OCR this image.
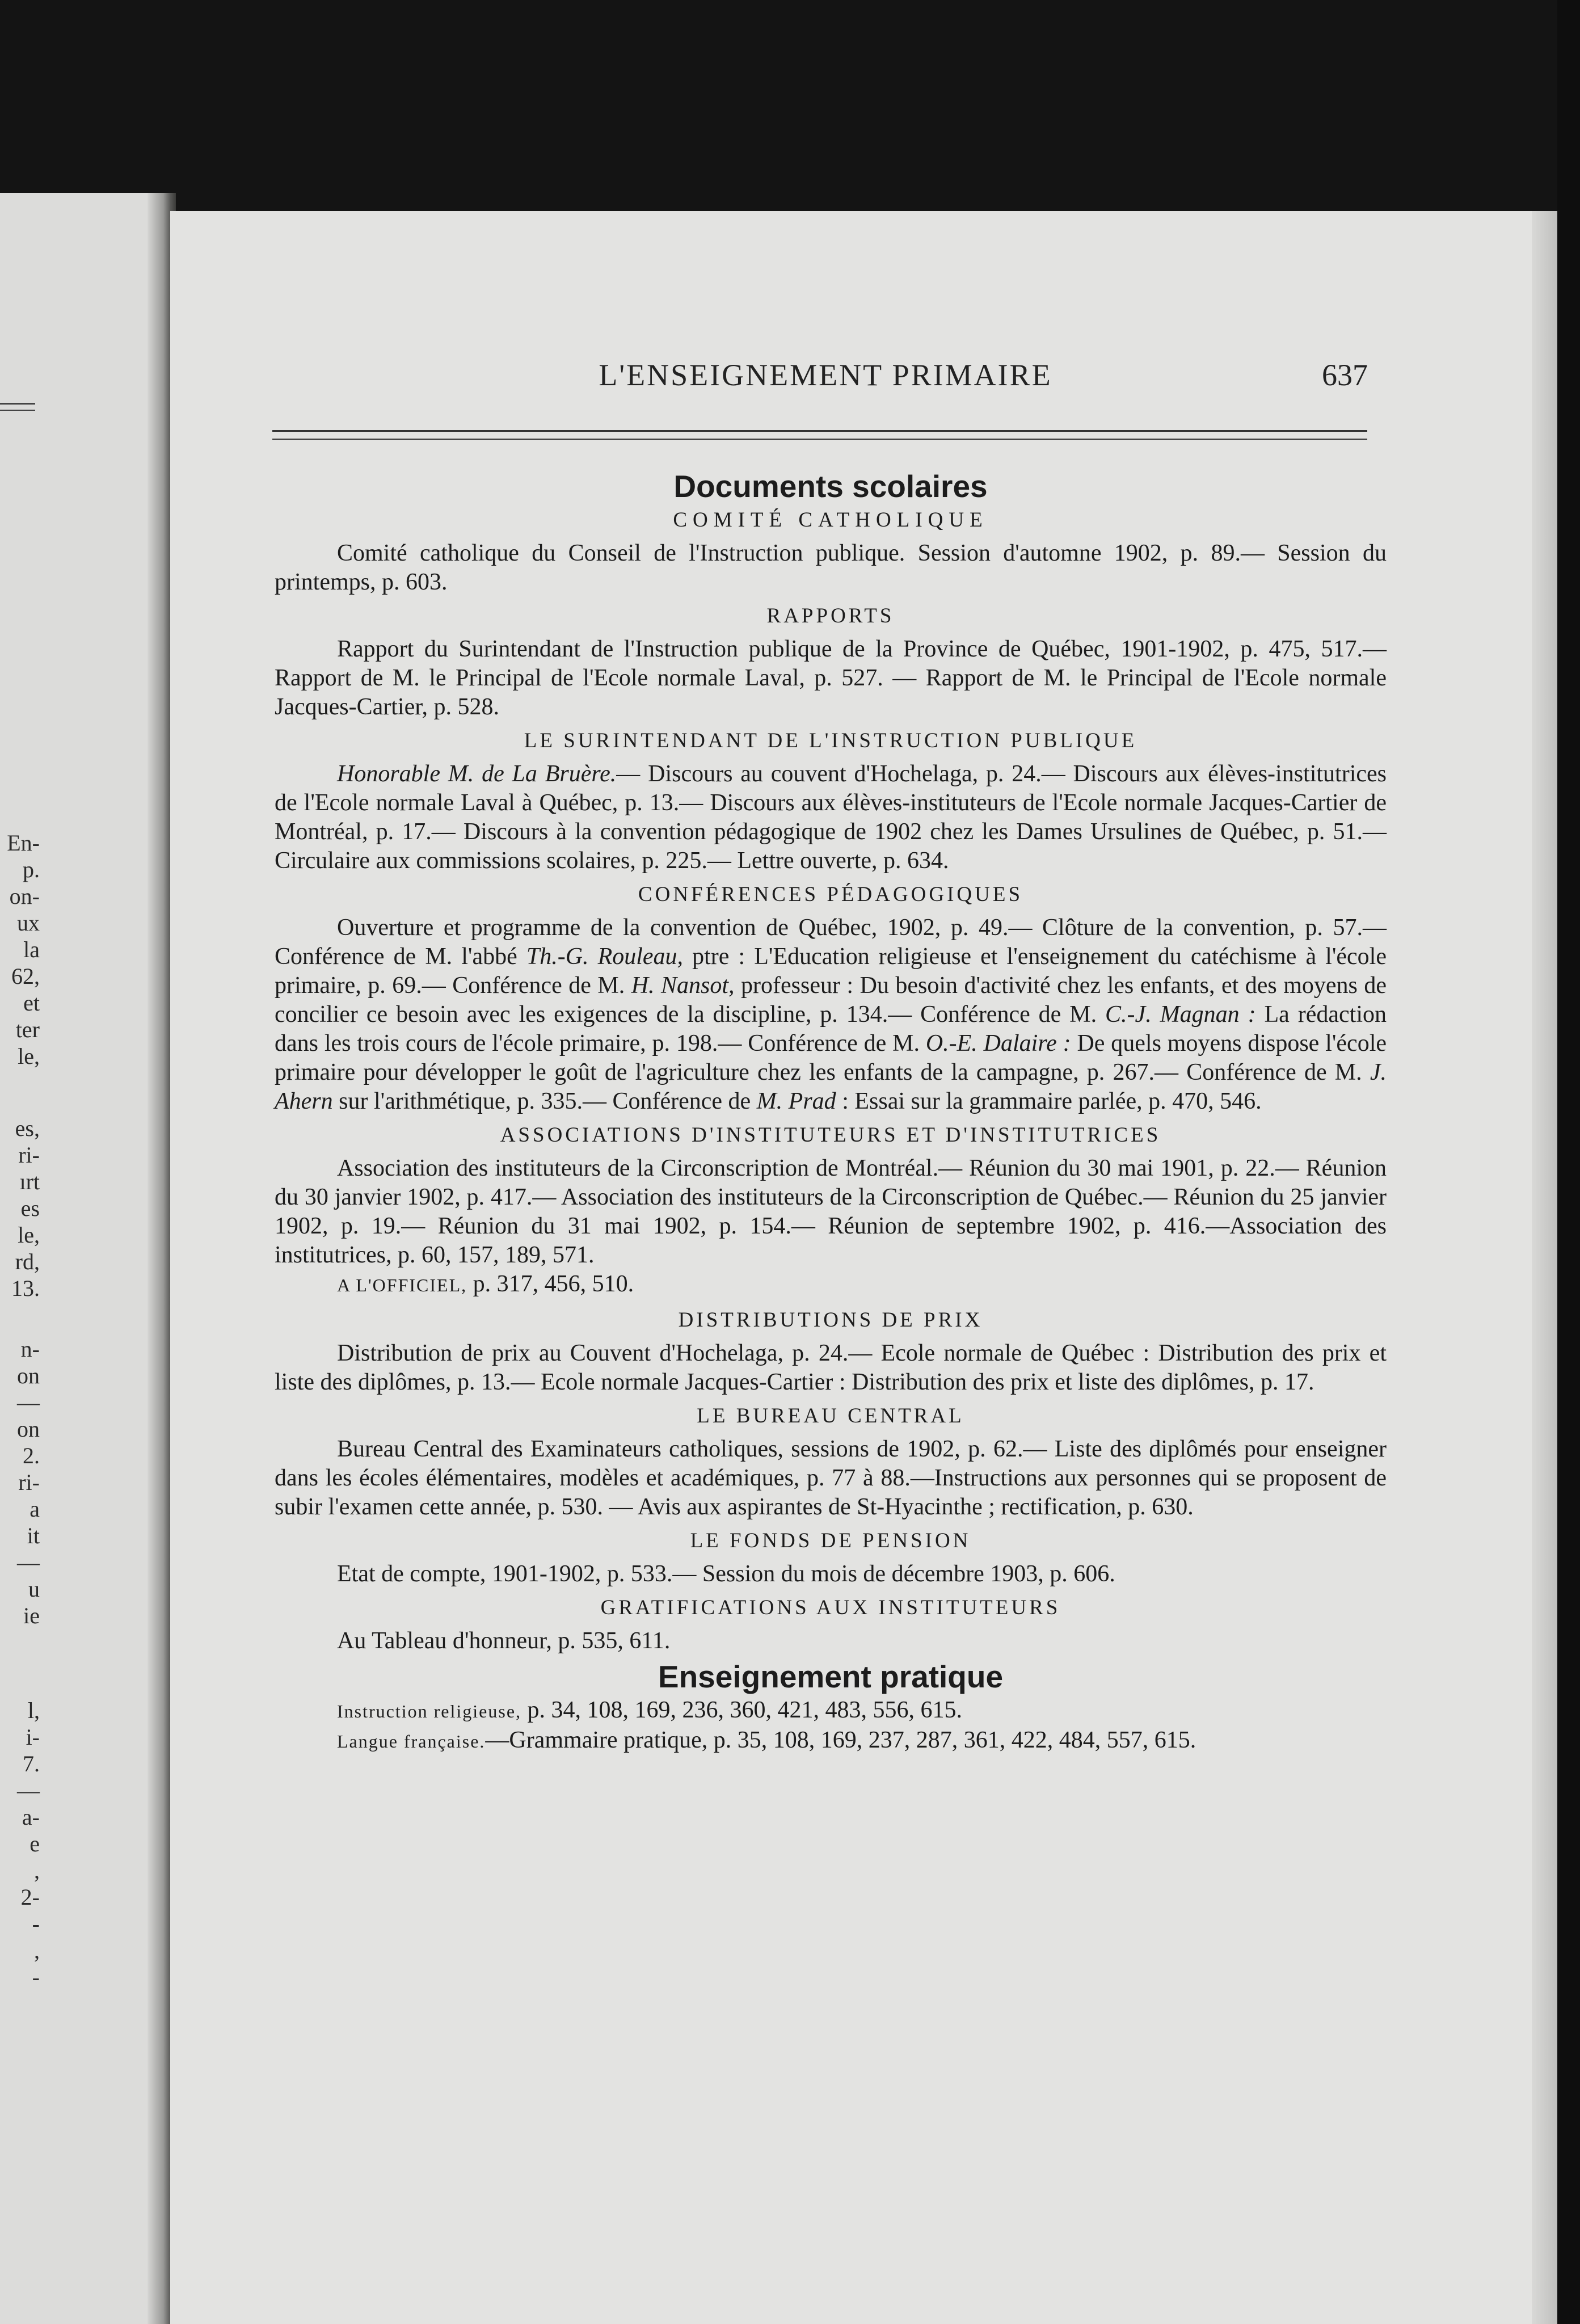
En-
p.
on-
ux
la
62,
et
ter
le,
es,
ri-
ırt
es
le,
rd,
13.
n-
on
—
on
2.
ri-
a
it
—
u
ie
l,
i-
7.
—
a-
e
,
2-
-
,
-
L'ENSEIGNEMENT PRIMAIRE	637
Documents scolaires
COMITÉ CATHOLIQUE

Comité catholique du Conseil de l'Instruction publique. Session d'automne 1902, p. 89.— Session du printemps, p. 603.

RAPPORTS

Rapport du Surintendant de l'Instruction publique de la Province de Québec, 1901-1902, p. 475, 517.— Rapport de M. le Principal de l'Ecole normale Laval, p. 527. — Rapport de M. le Principal de l'Ecole normale Jacques-Cartier, p. 528.

LE SURINTENDANT DE L'INSTRUCTION PUBLIQUE

Honorable M. de La Bruère.— Discours au couvent d'Hochelaga, p. 24.— Discours aux élèves-institutrices de l'Ecole normale Laval à Québec, p. 13.— Discours aux élèves-instituteurs de l'Ecole normale Jacques-Cartier de Montréal, p. 17.— Discours à la convention pédagogique de 1902 chez les Dames Ursulines de Québec, p. 51.— Circulaire aux commissions scolaires, p. 225.— Lettre ouverte, p. 634.

CONFÉRENCES PÉDAGOGIQUES

Ouverture et programme de la convention de Québec, 1902, p. 49.— Clôture de la convention, p. 57.— Conférence de M. l'abbé Th.-G. Rouleau, ptre : L'Education religieuse et l'enseignement du catéchisme à l'école primaire, p. 69.— Conférence de M. H. Nansot, professeur : Du besoin d'activité chez les enfants, et des moyens de concilier ce besoin avec les exigences de la discipline, p. 134.— Conférence de M. C.-J. Magnan : La rédaction dans les trois cours de l'école primaire, p. 198.— Conférence de M. O.-E. Dalaire : De quels moyens dispose l'école primaire pour développer le goût de l'agriculture chez les enfants de la campagne, p. 267.— Conférence de M. J. Ahern sur l'arithmétique, p. 335.— Conférence de M. Prad : Essai sur la grammaire parlée, p. 470, 546.

ASSOCIATIONS D'INSTITUTEURS ET D'INSTITUTRICES

Association des instituteurs de la Circonscription de Montréal.— Réunion du 30 mai 1901, p. 22.— Réunion du 30 janvier 1902, p. 417.— Association des instituteurs de la Circonscription de Québec.— Réunion du 25 janvier 1902, p. 19.— Réunion du 31 mai 1902, p. 154.— Réunion de septembre 1902, p. 416.—Association des institutrices, p. 60, 157, 189, 571.

A L'OFFICIEL, p. 317, 456, 510.

DISTRIBUTIONS DE PRIX

Distribution de prix au Couvent d'Hochelaga, p. 24.— Ecole normale de Québec : Distribution des prix et liste des diplômes, p. 13.— Ecole normale Jacques-Cartier : Distribution des prix et liste des diplômes, p. 17.

LE BUREAU CENTRAL

Bureau Central des Examinateurs catholiques, sessions de 1902, p. 62.— Liste des diplômés pour enseigner dans les écoles élémentaires, modèles et académiques, p. 77 à 88.—Instructions aux personnes qui se proposent de subir l'examen cette année, p. 530. — Avis aux aspirantes de St-Hyacinthe ; rectification, p. 630.

LE FONDS DE PENSION

Etat de compte, 1901-1902, p. 533.— Session du mois de décembre 1903, p. 606.

GRATIFICATIONS AUX INSTITUTEURS

Au Tableau d'honneur, p. 535, 611.

Enseignement pratique

Instruction religieuse, p. 34, 108, 169, 236, 360, 421, 483, 556, 615.

Langue française.—Grammaire pratique, p. 35, 108, 169, 237, 287, 361, 422, 484, 557, 615.
